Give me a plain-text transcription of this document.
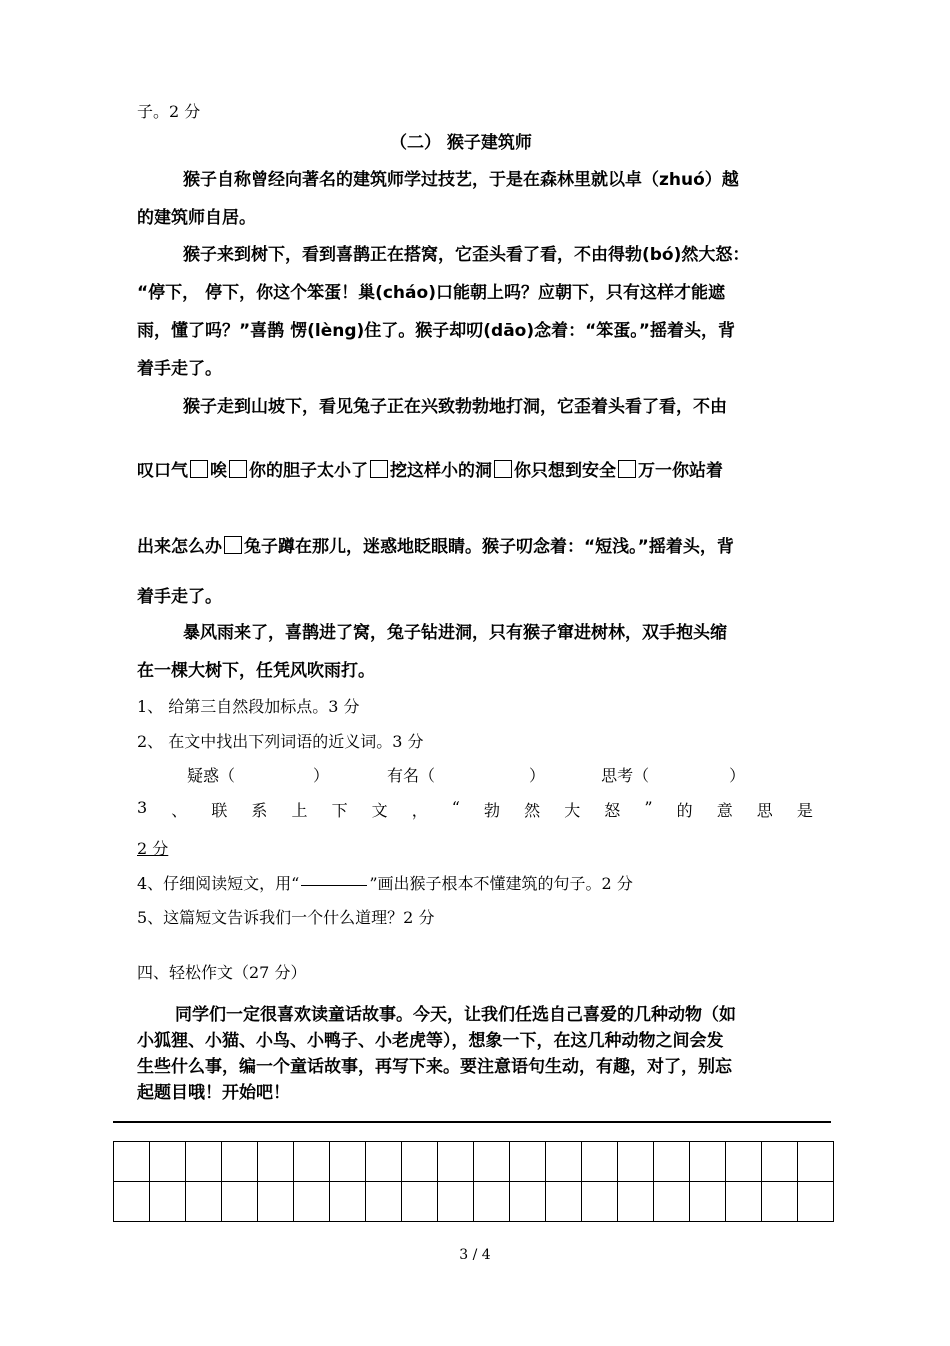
子。2 分
（二） 猴子建筑师
猴子自称曾经向著名的建筑师学过技艺，于是在森林里就以卓（zhuó）越
的建筑师自居。
猴子来到树下，看到喜鹊正在搭窝，它歪头看了看，不由得勃(bó)然大怒：
“停下， 停下，你这个笨蛋！巢(cháo)口能朝上吗？应朝下，只有这样才能遮
雨，懂了吗？”喜鹊 愣(lèng)住了。猴子却叨(dāo)念着：“笨蛋。”摇着头，背
着手走了。
猴子走到山坡下，看见兔子正在兴致勃勃地打洞，它歪着头看了看，不由
叹口气 唉 你的胆子太小了 挖这样小的洞 你只想到安全 万一你站着
出来怎么办 兔子蹲在那儿，迷惑地眨眼睛。猴子叨念着：“短浅。”摇着头，背
着手走了。
暴风雨来了，喜鹊进了窝，兔子钻进洞，只有猴子窜进树林，双手抱头缩
在一棵大树下，任凭风吹雨打。
1、 给第三自然段加标点。3 分
2、 在文中找出下列词语的近义词。3 分
疑惑（	）	有名（	）	思考（	）
3 、 联 系 上 下 文 ， “ 勃 然 大 怒 ” 的 意 思 是
2 分
4、仔细阅读短文，用“	”画出猴子根本不懂建筑的句子。2 分
5、这篇短文告诉我们一个什么道理？2 分
四、轻松作文（27 分）
同学们一定很喜欢读童话故事。今天，让我们任选自己喜爱的几种动物（如
小狐狸、小猫、小鸟、小鸭子、小老虎等），想象一下，在这几种动物之间会发
生些什么事，编一个童话故事，再写下来。要注意语句生动，有趣，对了，别忘
起题目哦！开始吧！

3 / 4
